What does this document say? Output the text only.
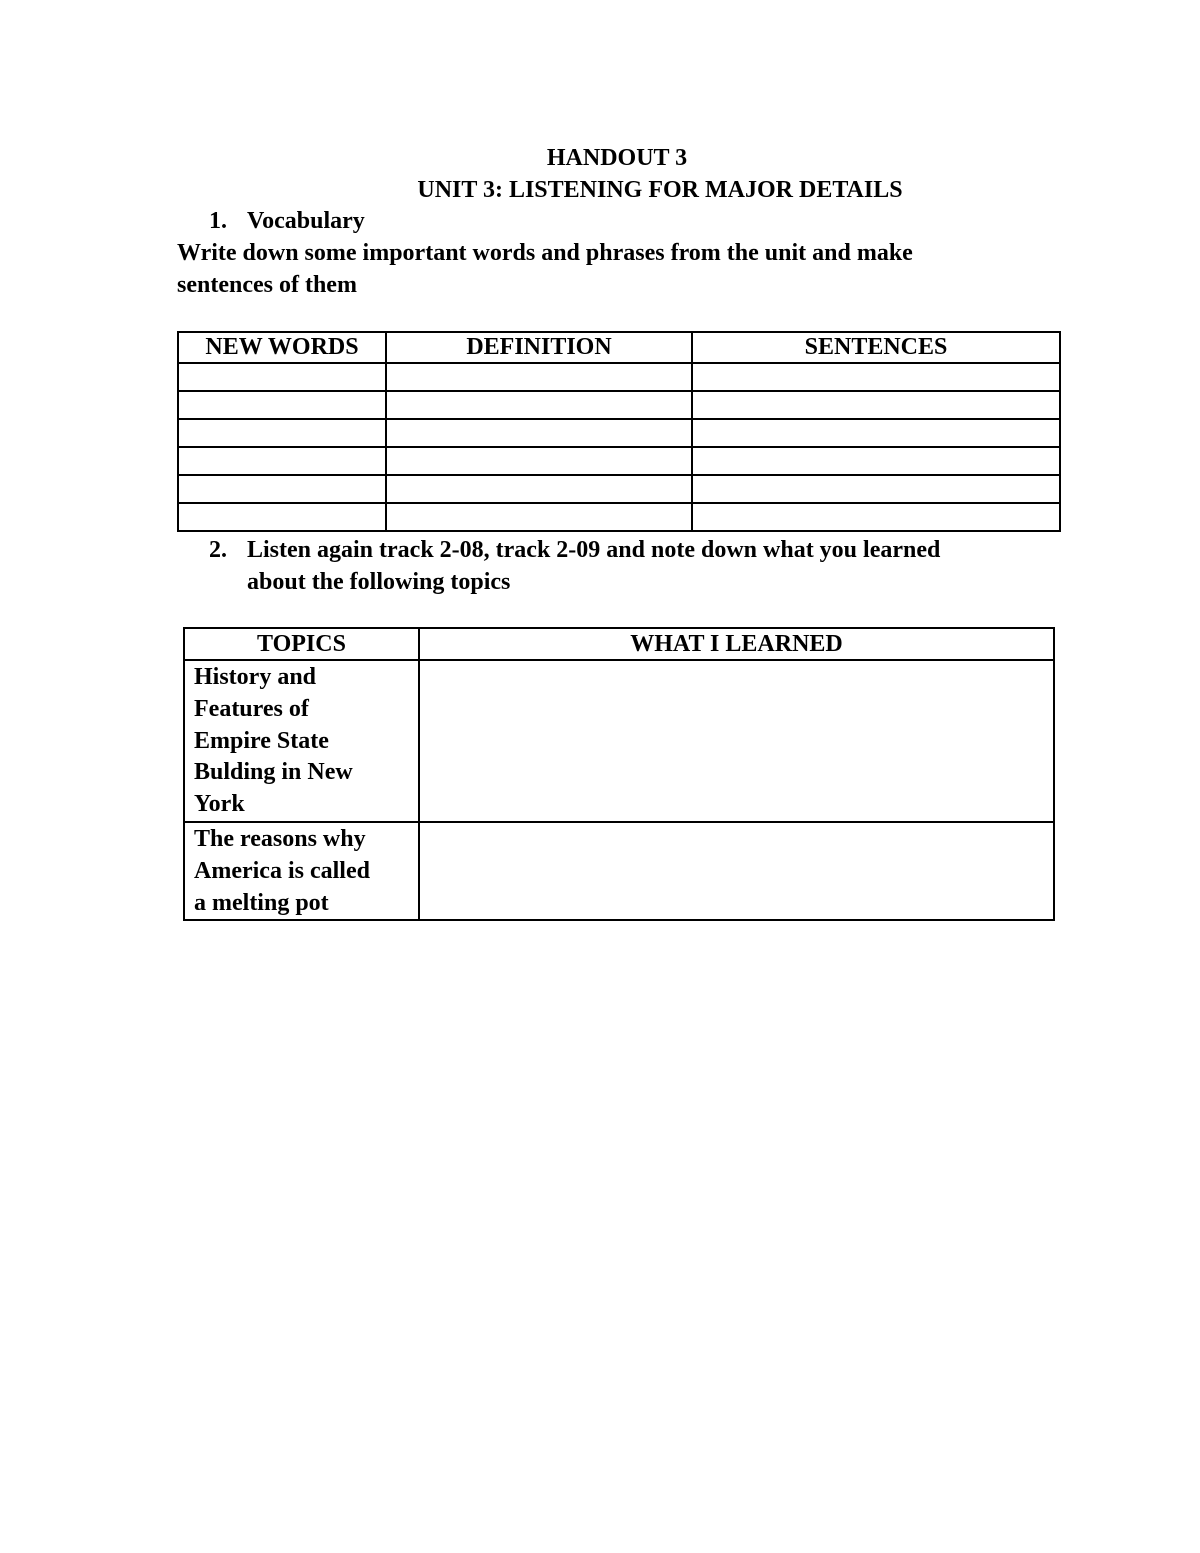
HANDOUT 3
UNIT 3: LISTENING FOR MAJOR DETAILS
1. Vocabulary
Write down some important words and phrases from the unit and make
sentences of them
NEW WORDS	DEFINITION	SENTENCES

2. Listen again track 2-08, track 2-09 and note down what you learned
about the following topics
TOPICS	WHAT I LEARNED

History and
Features of
Empire State
Bulding in New
York	

The reasons why
America is called
a melting pot	
